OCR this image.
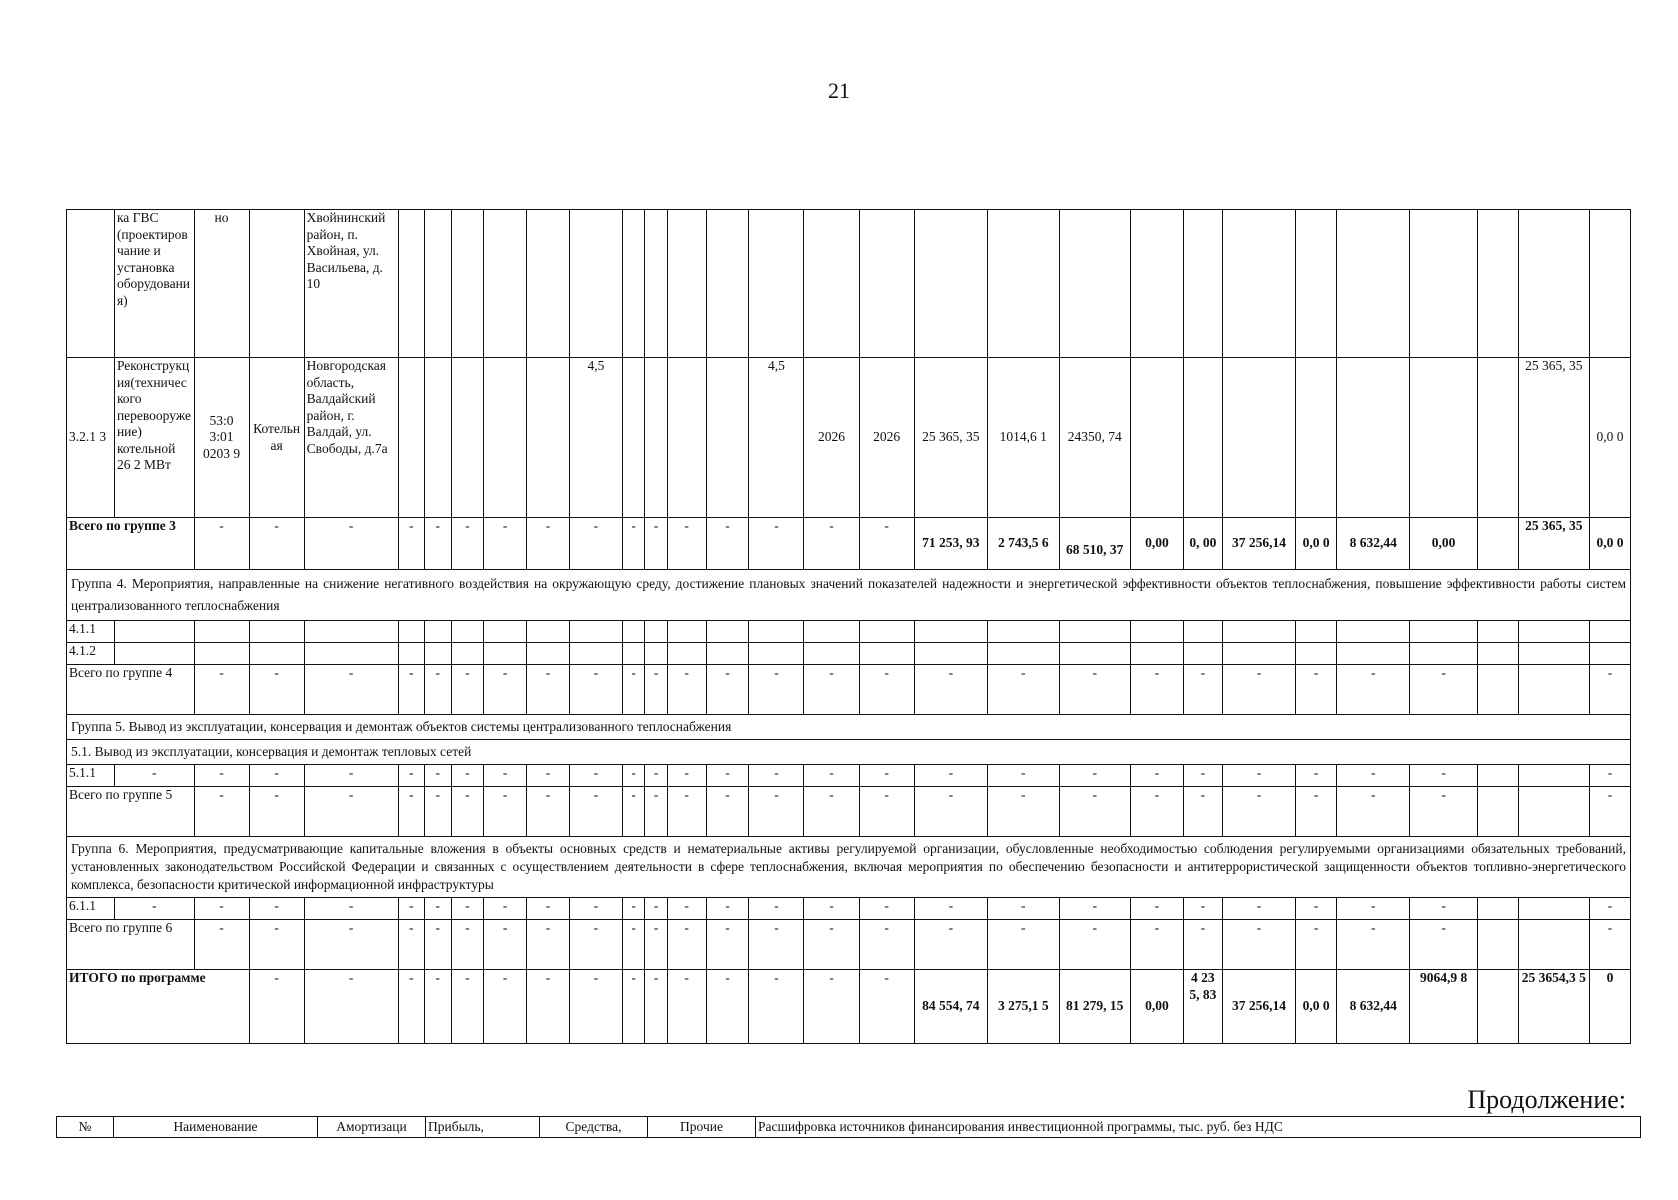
21
	ка ГВС (проектировчание и установка оборудования)	но		Хвойнинский район, п. Хвойная, ул. Васильева, д. 10																									
3.2.1 3	Реконструкция(технического перевооружение) котельной 26 2 МВт	53:0 3:01 0203 9	Котельная	Новгородская область, Валдайский район, г. Валдай, ул. Свободы, д.7а						4,5					4,5	2026	2026	25 365, 35	1014,6 1	24350, 74								25 365, 35	0,0 0
Всего по группе 3		-	-	-	-	-	-	-	-	-	-	-	-	-	-	-	-	71 253, 93	2 743,5 6	68 510, 37	0,00	0, 00	37 256,14	0,0 0	8 632,44	0,00		25 365, 35	0,0 0
Группа 4. Мероприятия, направленные на снижение негативного воздействия на окружающую среду, достижение плановых значений показателей надежности и энергетической эффективности объектов теплоснабжения, повышение эффективности работы систем централизованного теплоснабжения																													
4.1.1																													
4.1.2																													
Всего по группе 4		-	-	-	-	-	-	-	-	-	-	-	-	-	-	-	-	-	-	-	-	-	-	-	-	-			-
Группа 5. Вывод из эксплуатации, консервация и демонтаж объектов системы централизованного теплоснабжения																													
5.1. Вывод из эксплуатации, консервация и демонтаж тепловых сетей																													
5.1.1	-	-	-	-	-	-	-	-	-	-	-	-	-	-	-	-	-	-	-	-	-	-	-	-	-	-			-
Всего по группе 5		-	-	-	-	-	-	-	-	-	-	-	-	-	-	-	-	-	-	-	-	-	-	-	-	-			-
Группа 6. Мероприятия, предусматривающие капитальные вложения в объекты основных средств и нематериальные активы регулируемой организации, обусловленные необходимостью соблюдения регулируемыми организациями обязательных требований, установленных законодательством Российской Федерации и связанных с осуществлением деятельности в сфере теплоснабжения, включая мероприятия по обеспечению безопасности и антитеррористической защищенности объектов топливно-энергетического комплекса, безопасности критической информационной инфраструктуры																													
6.1.1	-	-	-	-	-	-	-	-	-	-	-	-	-	-	-	-	-	-	-	-	-	-	-	-	-	-			-
Всего по группе 6		-	-	-	-	-	-	-	-	-	-	-	-	-	-	-	-	-	-	-	-	-	-	-	-	-			-
ИТОГО по программе			-	-	-	-	-	-	-	-	-	-	-	-	-	-	-	84 554, 74	3 275,1 5	81 279, 15	0,00	4 23 5, 83	37 256,14	0,0 0	8 632,44	9064,9 8		25 3654,3 5	0
Продолжение:
№	Наименование	Амортизаци	Прибыль,	Средства,	Прочие	Расшифровка источников финансирования инвестиционной программы, тыс. руб. без НДС
